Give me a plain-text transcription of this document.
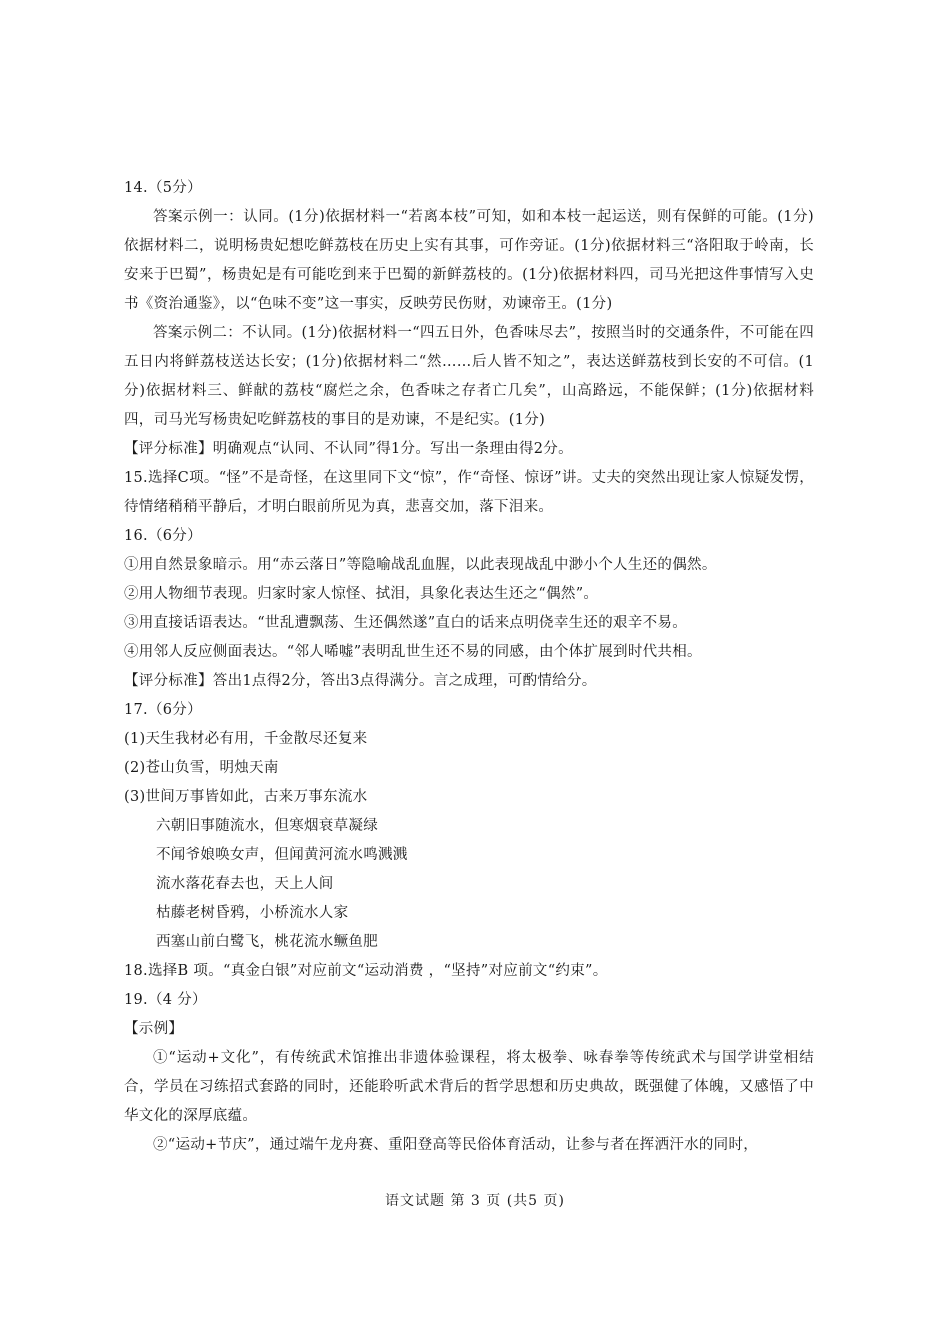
14.（5分）
答案示例一：认同。(1分)依据材料一“若离本枝”可知，如和本枝一起运送，则有保鲜的可能。(1分)依据材料二，说明杨贵妃想吃鲜荔枝在历史上实有其事，可作旁证。(1分)依据材料三“洛阳取于岭南，长安来于巴蜀”，杨贵妃是有可能吃到来于巴蜀的新鲜荔枝的。(1分)依据材料四，司马光把这件事情写入史书《资治通鉴》，以“色味不变”这一事实，反映劳民伤财，劝谏帝王。(1分)
答案示例二：不认同。(1分)依据材料一“四五日外，色香味尽去”，按照当时的交通条件，不可能在四五日内将鲜荔枝送达长安；(1分)依据材料二“然……后人皆不知之”，表达送鲜荔枝到长安的不可信。(1分)依据材料三、鲜献的荔枝“腐烂之余，色香味之存者亡几矣”，山高路远，不能保鲜；(1分)依据材料四，司马光写杨贵妃吃鲜荔枝的事目的是劝谏，不是纪实。(1分)
【评分标准】明确观点“认同、不认同”得1分。写出一条理由得2分。
15.选择C项。“怪”不是奇怪，在这里同下文“惊”，作“奇怪、惊讶”讲。丈夫的突然出现让家人惊疑发愣，待情绪稍稍平静后，才明白眼前所见为真，悲喜交加，落下泪来。
16.（6分）
①用自然景象暗示。用“赤云落日”等隐喻战乱血腥，以此表现战乱中渺小个人生还的偶然。
②用人物细节表现。归家时家人惊怪、拭泪，具象化表达生还之“偶然”。
③用直接话语表达。“世乱遭飘荡、生还偶然遂”直白的话来点明侥幸生还的艰辛不易。
④用邻人反应侧面表达。“邻人唏嘘”表明乱世生还不易的同感，由个体扩展到时代共相。
【评分标准】答出1点得2分，答出3点得满分。言之成理，可酌情给分。
17.（6分）
(1)天生我材必有用，千金散尽还复来
(2)苍山负雪，明烛天南
(3)世间万事皆如此，古来万事东流水
六朝旧事随流水，但寒烟衰草凝绿
不闻爷娘唤女声，但闻黄河流水鸣溅溅
流水落花春去也，天上人间
枯藤老树昏鸦，小桥流水人家
西塞山前白鹭飞，桃花流水鳜鱼肥
18.选择B 项。“真金白银”对应前文“运动消费 ，“坚持”对应前文“约束”。
19.（4 分）
【示例】
①“运动+文化”，有传统武术馆推出非遗体验课程，将太极拳、咏春拳等传统武术与国学讲堂相结合，学员在习练招式套路的同时，还能聆听武术背后的哲学思想和历史典故，既强健了体魄，又感悟了中华文化的深厚底蕴。
②“运动+节庆”，通过端午龙舟赛、重阳登高等民俗体育活动，让参与者在挥洒汗水的同时，
语文试题 第 3 页 (共5 页)
